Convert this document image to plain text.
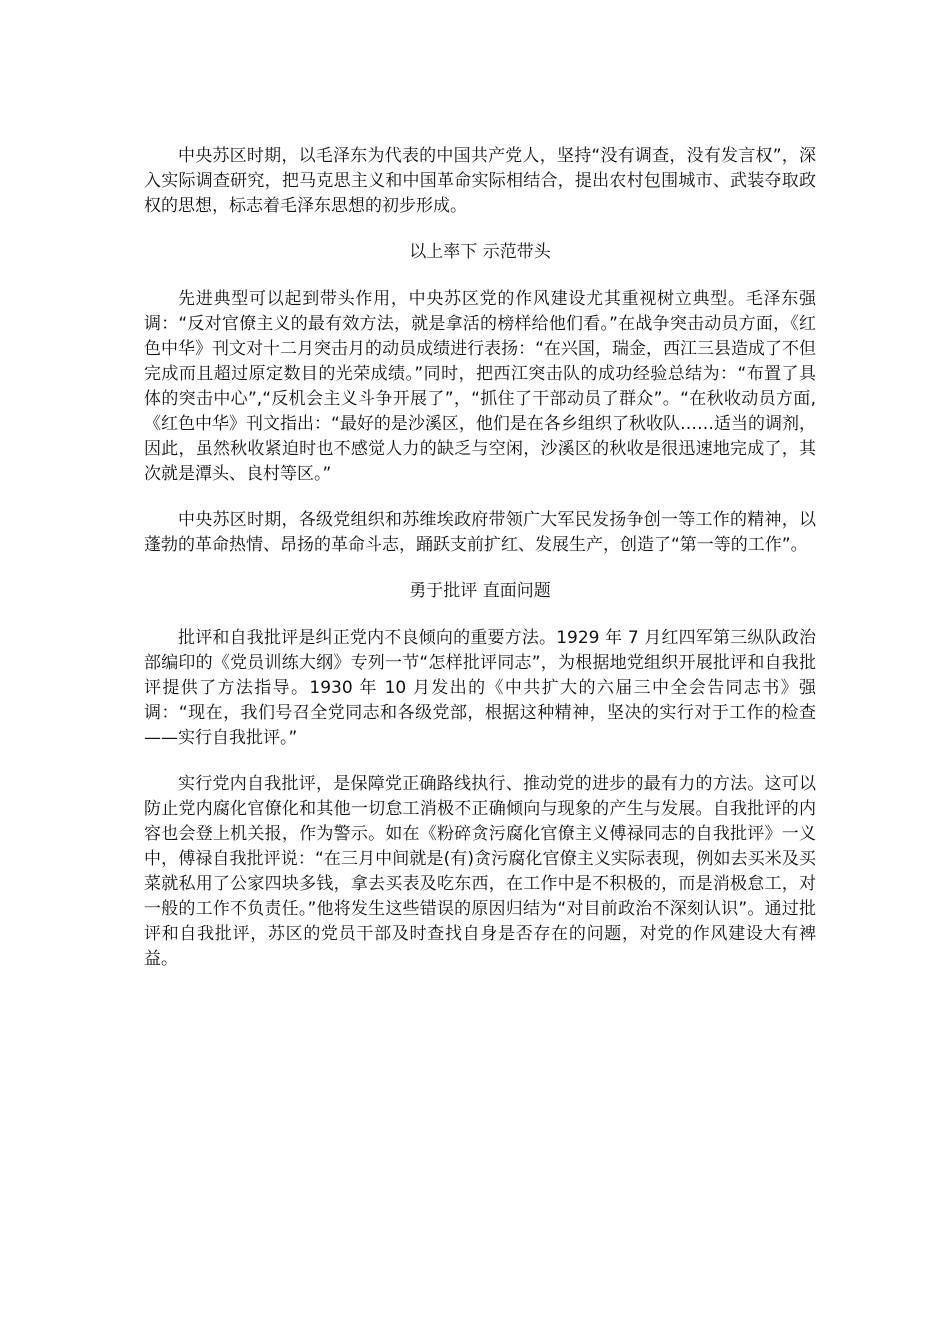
中央苏区时期，以毛泽东为代表的中国共产党人，坚持“没有调查，没有发言权”，深入实际调查研究，把马克思主义和中国革命实际相结合，提出农村包围城市、武装夺取政权的思想，标志着毛泽东思想的初步形成。

以上率下 示范带头

先进典型可以起到带头作用，中央苏区党的作风建设尤其重视树立典型。毛泽东强调：“反对官僚主义的最有效方法，就是拿活的榜样给他们看。”在战争突击动员方面，《红色中华》刊文对十二月突击月的动员成绩进行表扬：“在兴国，瑞金，西江三县造成了不但完成而且超过原定数目的光荣成绩。”同时，把西江突击队的成功经验总结为：“布置了具体的突击中心”,“反机会主义斗争开展了”，“抓住了干部动员了群众”。“在秋收动员方面,《红色中华》刊文指出：“最好的是沙溪区，他们是在各乡组织了秋收队……适当的调剂，因此，虽然秋收紧迫时也不感觉人力的缺乏与空闲，沙溪区的秋收是很迅速地完成了，其次就是潭头、良村等区。”

中央苏区时期，各级党组织和苏维埃政府带领广大军民发扬争创一等工作的精神，以蓬勃的革命热情、昂扬的革命斗志，踊跃支前扩红、发展生产，创造了“第一等的工作”。

勇于批评 直面问题

批评和自我批评是纠正党内不良倾向的重要方法。1929 年 7 月红四军第三纵队政治部编印的《党员训练大纲》专列一节“怎样批评同志”，为根据地党组织开展批评和自我批评提供了方法指导。1930 年 10 月发出的《中共扩大的六届三中全会告同志书》强调：“现在，我们号召全党同志和各级党部，根据这种精神，坚决的实行对于工作的检查——实行自我批评。”

实行党内自我批评，是保障党正确路线执行、推动党的进步的最有力的方法。这可以防止党内腐化官僚化和其他一切怠工消极不正确倾向与现象的产生与发展。自我批评的内容也会登上机关报，作为警示。如在《粉碎贪污腐化官僚主义傅禄同志的自我批评》一义中，傅禄自我批评说：“在三月中间就是(有)贪污腐化官僚主义实际表现，例如去买米及买菜就私用了公家四块多钱，拿去买表及吃东西，在工作中是不积极的，而是消极怠工，对一般的工作不负责任。”他将发生这些错误的原因归结为“对目前政治不深刻认识”。通过批评和自我批评，苏区的党员干部及时查找自身是否存在的问题，对党的作风建设大有裨益。
